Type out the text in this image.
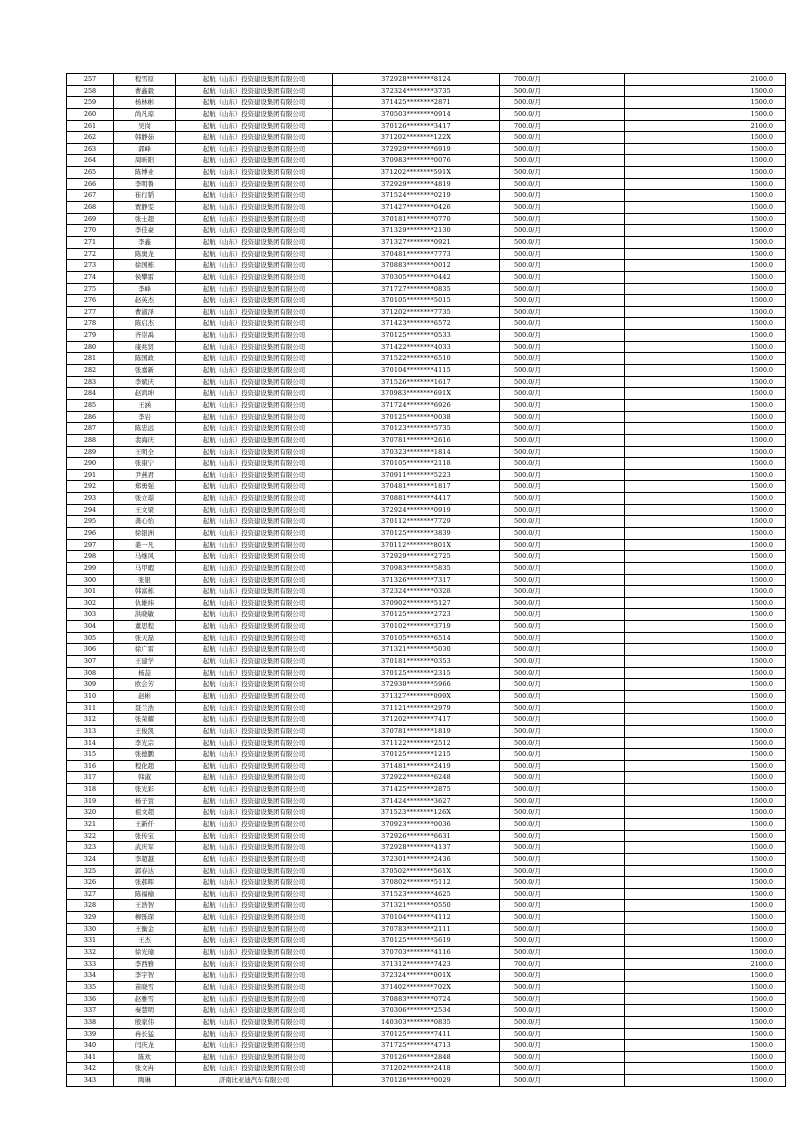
257	程雪原	起航（山东）投资建设集团有限公司	372928********8124	700.0/月	2100.0
258	曹鑫毅	起航（山东）投资建设集团有限公司	372324********3735	500.0/月	1500.0
259	杨林彬	起航（山东）投资建设集团有限公司	371425********2871	500.0/月	1500.0
260	尚凡琼	起航（山东）投资建设集团有限公司	370503********0914	500.0/月	1500.0
261	吴岗	起航（山东）投资建设集团有限公司	370126********3417	700.0/月	2100.0
262	韩静茹	起航（山东）投资建设集团有限公司	371202********122X	500.0/月	1500.0
263	郭峰	起航（山东）投资建设集团有限公司	372929********6919	500.0/月	1500.0
264	周昕阳	起航（山东）投资建设集团有限公司	370983********0076	500.0/月	1500.0
265	陈博业	起航（山东）投资建设集团有限公司	371202********591X	500.0/月	1500.0
266	李明鲁	起航（山东）投资建设集团有限公司	372929********4819	500.0/月	1500.0
267	崔行韬	起航（山东）投资建设集团有限公司	371524********0219	500.0/月	1500.0
268	贾静雯	起航（山东）投资建设集团有限公司	371427********0426	500.0/月	1500.0
269	张士超	起航（山东）投资建设集团有限公司	370181********0770	500.0/月	1500.0
270	李佳豪	起航（山东）投资建设集团有限公司	371329********2130	500.0/月	1500.0
271	李鑫	起航（山东）投资建设集团有限公司	371327********0921	500.0/月	1500.0
272	陈奥龙	起航（山东）投资建设集团有限公司	370481********7773	500.0/月	1500.0
273	徐国栋	起航（山东）投资建设集团有限公司	370883********0012	500.0/月	1500.0
274	侯攀雷	起航（山东）投资建设集团有限公司	370305********0442	500.0/月	1500.0
275	李峰	起航（山东）投资建设集团有限公司	371727********0835	500.0/月	1500.0
276	赵英杰	起航（山东）投资建设集团有限公司	370105********5015	500.0/月	1500.0
277	曹淑泽	起航（山东）投资建设集团有限公司	371202********7735	500.0/月	1500.0
278	陈启杰	起航（山东）投资建设集团有限公司	371423********6572	500.0/月	1500.0
279	齐崇禹	起航（山东）投资建设集团有限公司	370125********0533	500.0/月	1500.0
280	康兆贤	起航（山东）投资建设集团有限公司	371422********4033	500.0/月	1500.0
281	陈国政	起航（山东）投资建设集团有限公司	371522********6510	500.0/月	1500.0
282	张嘉新	起航（山东）投资建设集团有限公司	370104********4115	500.0/月	1500.0
283	李斌庆	起航（山东）投资建设集团有限公司	371526********1617	500.0/月	1500.0
284	赵鸿坤	起航（山东）投资建设集团有限公司	370983********691X	500.0/月	1500.0
285	王涵	起航（山东）投资建设集团有限公司	371724********6926	500.0/月	1500.0
286	李岩	起航（山东）投资建设集团有限公司	370125********0038	500.0/月	1500.0
287	陈忠远	起航（山东）投资建设集团有限公司	370123********5735	500.0/月	1500.0
288	裴海庆	起航（山东）投资建设集团有限公司	370781********2616	500.0/月	1500.0
289	王明全	起航（山东）投资建设集团有限公司	370323********1814	500.0/月	1500.0
290	张康宁	起航（山东）投资建设集团有限公司	370105********2118	500.0/月	1500.0
291	尹燕君	起航（山东）投资建设集团有限公司	370911********5223	500.0/月	1500.0
292	郑勇强	起航（山东）投资建设集团有限公司	370481********1817	500.0/月	1500.0
293	张立璟	起航（山东）投资建设集团有限公司	370881********4417	500.0/月	1500.0
294	王文梁	起航（山东）投资建设集团有限公司	372924********0919	500.0/月	1500.0
295	龚心怡	起航（山东）投资建设集团有限公司	370112********7729	500.0/月	1500.0
296	徐银洲	起航（山东）投资建设集团有限公司	370125********3839	500.0/月	1500.0
297	姜一凡	起航（山东）投资建设集团有限公司	370112********801X	500.0/月	1500.0
298	马继风	起航（山东）投资建设集团有限公司	372929********2725	500.0/月	1500.0
299	马甲暇	起航（山东）投资建设集团有限公司	370983********5835	500.0/月	1500.0
300	张银	起航（山东）投资建设集团有限公司	371326********7317	500.0/月	1500.0
301	韩富栋	起航（山东）投资建设集团有限公司	372324********0328	500.0/月	1500.0
302	仇雄炜	起航（山东）投资建设集团有限公司	370902********5127	500.0/月	1500.0
303	洪晓敏	起航（山东）投资建设集团有限公司	370125********2723	500.0/月	1500.0
304	董思程	起航（山东）投资建设集团有限公司	370102********3719	500.0/月	1500.0
305	张天磊	起航（山东）投资建设集团有限公司	370105********6514	500.0/月	1500.0
306	徐广雷	起航（山东）投资建设集团有限公司	371321********5030	500.0/月	1500.0
307	王建学	起航（山东）投资建设集团有限公司	370181********0353	500.0/月	1500.0
308	杨喆	起航（山东）投资建设集团有限公司	370125********2315	500.0/月	1500.0
309	欧会芳	起航（山东）投资建设集团有限公司	372930********5966	500.0/月	1500.0
310	赵彬	起航（山东）投资建设集团有限公司	371327********099X	500.0/月	1500.0
311	聂兰浩	起航（山东）投资建设集团有限公司	371121********2979	500.0/月	1500.0
312	张荣耀	起航（山东）投资建设集团有限公司	371202********7417	500.0/月	1500.0
313	王俊凯	起航（山东）投资建设集团有限公司	370781********1819	500.0/月	1500.0
314	李光宗	起航（山东）投资建设集团有限公司	371122********2512	500.0/月	1500.0
315	张德鹏	起航（山东）投资建设集团有限公司	370125********1215	500.0/月	1500.0
316	程化超	起航（山东）投资建设集团有限公司	371481********2419	500.0/月	1500.0
317	韩淑	起航（山东）投资建设集团有限公司	372922********6248	500.0/月	1500.0
318	张光彩	起航（山东）投资建设集团有限公司	371425********2875	500.0/月	1500.0
319	杨子萱	起航（山东）投资建设集团有限公司	371424********3627	500.0/月	1500.0
320	祖文超	起航（山东）投资建设集团有限公司	371523********126X	500.0/月	1500.0
321	王新仟	起航（山东）投资建设集团有限公司	370923********0036	500.0/月	1500.0
322	张传宝	起航（山东）投资建设集团有限公司	372926********6631	500.0/月	1500.0
323	武庆军	起航（山东）投资建设集团有限公司	372928********4137	500.0/月	1500.0
324	李超越	起航（山东）投资建设集团有限公司	372301********2436	500.0/月	1500.0
325	郭春达	起航（山东）投资建设集团有限公司	370502********561X	500.0/月	1500.0
326	张郝晖	起航（山东）投资建设集团有限公司	370802********5112	500.0/月	1500.0
327	陈福榆	起航（山东）投资建设集团有限公司	371523********4625	500.0/月	1500.0
328	王浩智	起航（山东）投资建设集团有限公司	371321********0550	500.0/月	1500.0
329	柳铄琛	起航（山东）投资建设集团有限公司	370104********4112	500.0/月	1500.0
330	王衡金	起航（山东）投资建设集团有限公司	370783********2111	500.0/月	1500.0
331	王杰	起航（山东）投资建设集团有限公司	370125********5619	500.0/月	1500.0
332	徐光瑜	起航（山东）投资建设集团有限公司	370703********4116	500.0/月	1500.0
333	李西雅	起航（山东）投资建设集团有限公司	371312********7423	700.0/月	2100.0
334	李宇智	起航（山东）投资建设集团有限公司	372324********001X	500.0/月	1500.0
335	苗晓雪	起航（山东）投资建设集团有限公司	371402********702X	500.0/月	1500.0
336	赵雅雪	起航（山东）投资建设集团有限公司	370883********0724	500.0/月	1500.0
337	秦慧明	起航（山东）投资建设集团有限公司	370306********2534	500.0/月	1500.0
338	殷家伟	起航（山东）投资建设集团有限公司	140303********0835	500.0/月	1500.0
339	冉长猛	起航（山东）投资建设集团有限公司	370125********7411	500.0/月	1500.0
340	闫庆龙	起航（山东）投资建设集团有限公司	371725********4713	500.0/月	1500.0
341	陈欢	起航（山东）投资建设集团有限公司	370126********2848	500.0/月	1500.0
342	张文冉	起航（山东）投资建设集团有限公司	371202********2418	500.0/月	1500.0
343	陶琳	济南比亚迪汽车有限公司	370126********0029	500.0/月	1500.0
